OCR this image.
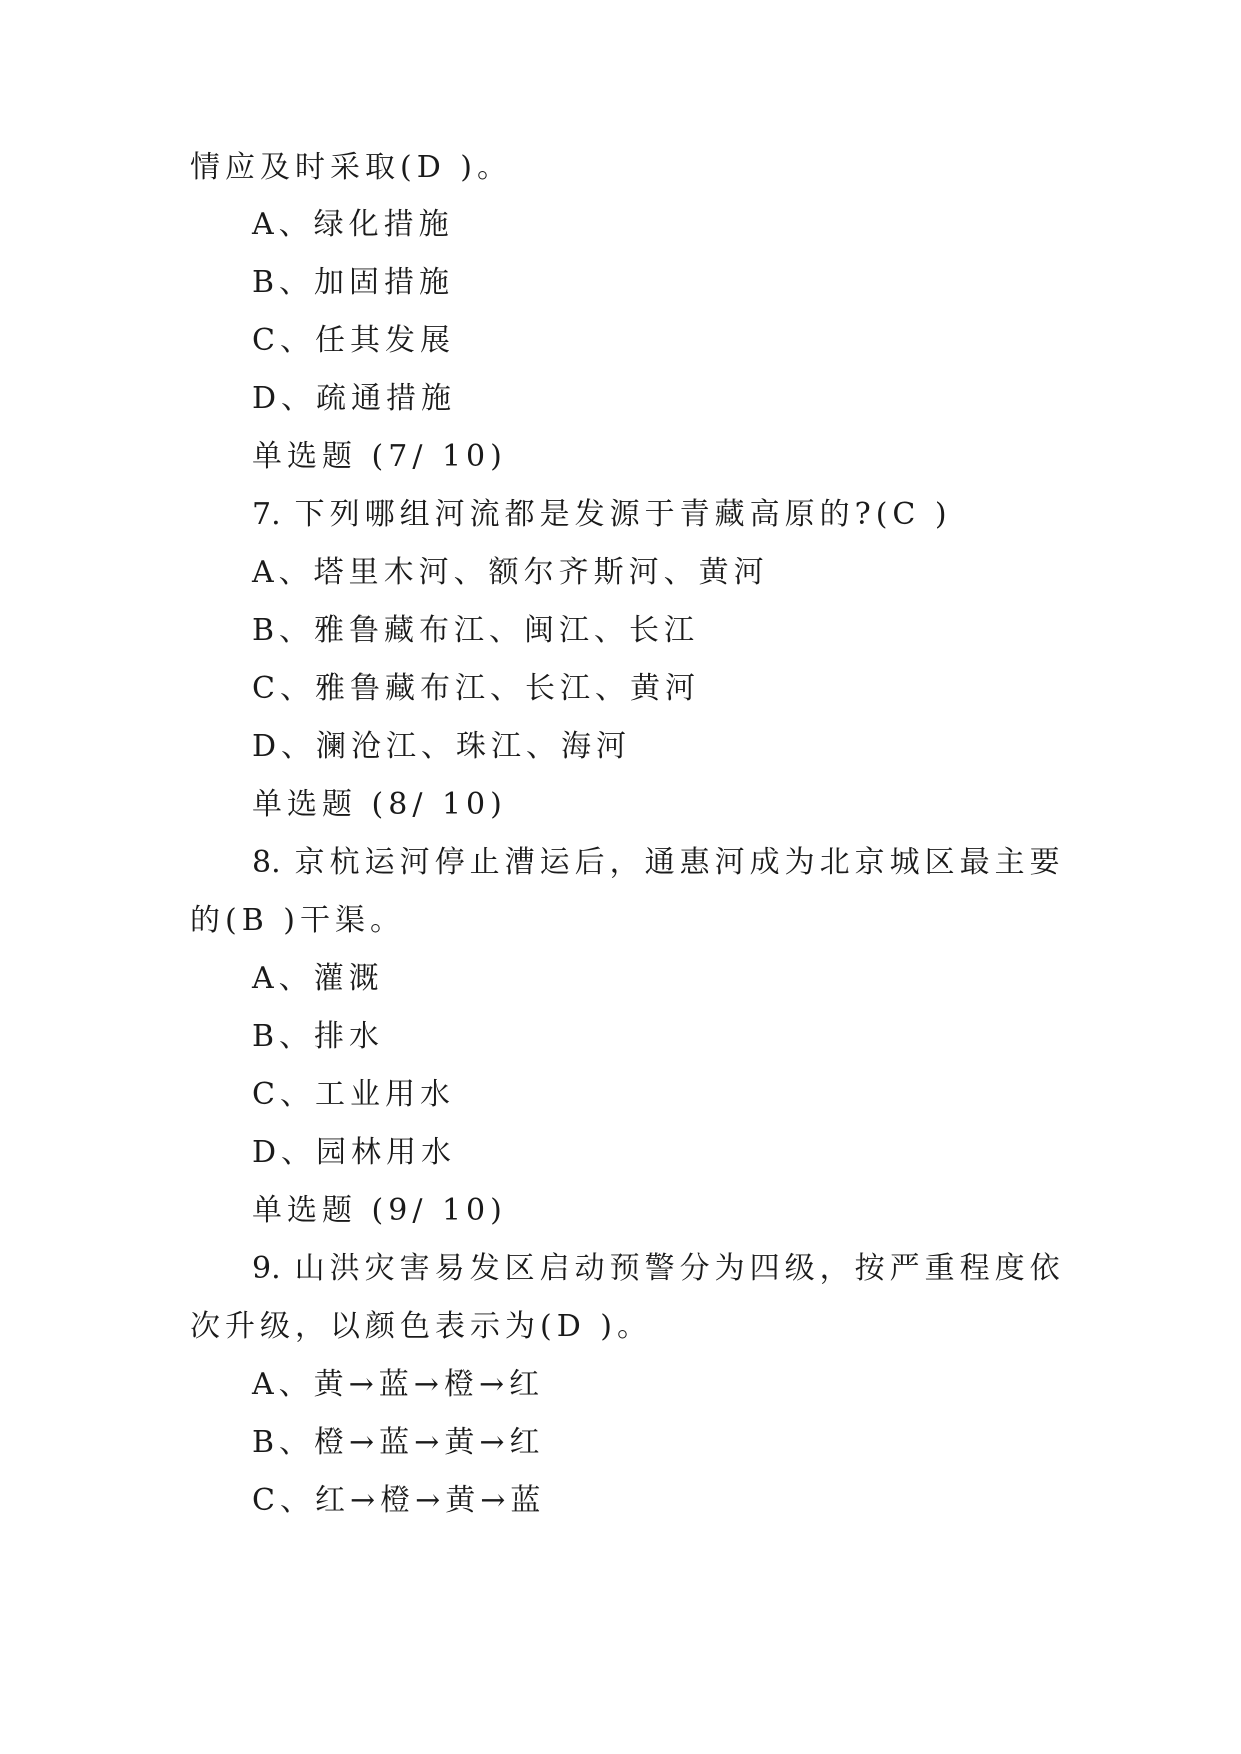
情应及时采取(D )。
A、绿化措施
B、加固措施
C、任其发展
D、疏通措施
单选题 (7/ 10)
7. 下列哪组河流都是发源于青藏高原的?(C )
A、塔里木河、额尔齐斯河、黄河
B、雅鲁藏布江、闽江、长江
C、雅鲁藏布江、长江、黄河
D、澜沧江、珠江、海河
单选题 (8/ 10)
8. 京杭运河停止漕运后，通惠河成为北京城区最主要
的(B )干渠。
A、灌溉
B、排水
C、工业用水
D、园林用水
单选题 (9/ 10)
9. 山洪灾害易发区启动预警分为四级，按严重程度依
次升级，以颜色表示为(D )。
A、黄→蓝→橙→红
B、橙→蓝→黄→红
C、红→橙→黄→蓝
